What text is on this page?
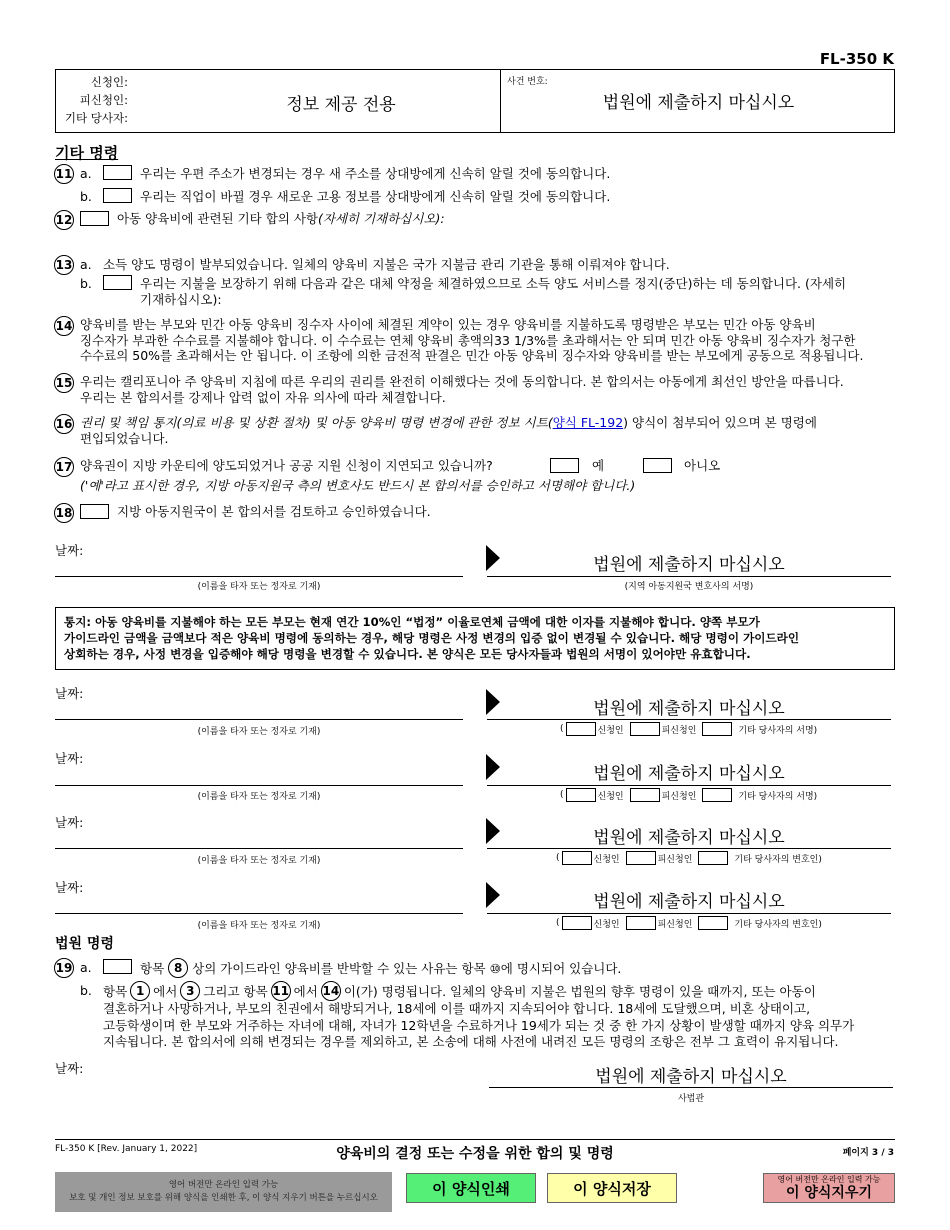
FL-350 K
신청인:
피신청인:
기타 당사자:
정보 제공 전용
사건 번호:
법원에 제출하지 마십시오
기타 명령
11 a.	우리는 우편 주소가 변경되는 경우 새 주소를 상대방에게 신속히 알릴 것에 동의합니다.
b.	우리는 직업이 바뀔 경우 새로운 고용 정보를 상대방에게 신속히 알릴 것에 동의합니다.
12	아동 양육비에 관련된 기타 합의 사항(자세히 기재하십시오):
13 a. 소득 양도 명령이 발부되었습니다. 일체의 양육비 지불은 국가 지불금 관리 기관을 통해 이뤄져야 합니다.
b.	우리는 지불을 보장하기 위해 다음과 같은 대체 약정을 체결하였으므로 소득 양도 서비스를 정지(중단)하는 데 동의합니다. (자세히
기재하십시오):
14 양육비를 받는 부모와 민간 아동 양육비 징수자 사이에 체결된 계약이 있는 경우 양육비를 지불하도록 명령받은 부모는 민간 아동 양육비
징수자가 부과한 수수료를 지불해야 합니다. 이 수수료는 연체 양육비 총액의33 1/3%를 초과해서는 안 되며 민간 아동 양육비 징수자가 청구한
수수료의 50%를 초과해서는 안 됩니다. 이 조항에 의한 금전적 판결은 민간 아동 양육비 징수자와 양육비를 받는 부모에게 공동으로 적용됩니다.
15 우리는 캘리포니아 주 양육비 지침에 따른 우리의 권리를 완전히 이해했다는 것에 동의합니다. 본 합의서는 아동에게 최선인 방안을 따릅니다.
우리는 본 합의서를 강제나 압력 없이 자유 의사에 따라 체결합니다.
16 권리 및 책임 통지(의료 비용 및 상환 절차) 및 아동 양육비 명령 변경에 관한 정보 시트(양식 FL-192) 양식이 첨부되어 있으며 본 명령에
편입되었습니다.
17 양육권이 지방 카운티에 양도되었거나 공공 지원 신청이 지연되고 있습니까?	예	아니오
('예'라고 표시한 경우, 지방 아동지원국 측의 변호사도 반드시 본 합의서를 승인하고 서명해야 합니다.)
18	지방 아동지원국이 본 합의서를 검토하고 승인하였습니다.
날짜:
(이름을 타자 또는 정자로 기재)
법원에 제출하지 마십시오
(지역 아동지원국 변호사의 서명)
통지: 아동 양육비를 지불해야 하는 모든 부모는 현재 연간 10%인 “법정” 이율로연체 금액에 대한 이자를 지불해야 합니다. 양쪽 부모가
가이드라인 금액을 금액보다 적은 양육비 명령에 동의하는 경우, 해당 명령은 사정 변경의 입증 없이 변경될 수 있습니다. 해당 명령이 가이드라인
상회하는 경우, 사정 변경을 입증해야 해당 명령을 변경할 수 있습니다. 본 양식은 모든 당사자들과 법원의 서명이 있어야만 유효합니다.
날짜:
(이름을 타자 또는 정자로 기재)
법원에 제출하지 마십시오
(	신청인	피신청인	기타 당사자의 서명)
날짜:
(이름을 타자 또는 정자로 기재)
법원에 제출하지 마십시오
(	신청인	피신청인	기타 당사자의 서명)
날짜:
(이름을 타자 또는 정자로 기재)
법원에 제출하지 마십시오
(	신청인	피신청인	기타 당사자의 변호인)
날짜:
(이름을 타자 또는 정자로 기재)
법원에 제출하지 마십시오
(	신청인	피신청인	기타 당사자의 변호인)
법원 명령
19 a.	항목 8 상의 가이드라인 양육비를 반박할 수 있는 사유는 항목 ⑩에 명시되어 있습니다.
b. 항목 1 에서 3 그리고 항목 11 에서 14 이(가) 명령됩니다. 일체의 양육비 지불은 법원의 향후 명령이 있을 때까지, 또는 아동이
결혼하거나 사망하거나, 부모의 친권에서 해방되거나, 18세에 이를 때까지 지속되어야 합니다. 18세에 도달했으며, 비혼 상태이고,
고등학생이며 한 부모와 거주하는 자녀에 대해, 자녀가 12학년을 수료하거나 19세가 되는 것 중 한 가지 상황이 발생할 때까지 양육 의무가
지속됩니다. 본 합의서에 의해 변경되는 경우를 제외하고, 본 소송에 대해 사전에 내려진 모든 명령의 조항은 전부 그 효력이 유지됩니다.
날짜:	법원에 제출하지 마십시오
사법관
FL-350 K [Rev. January 1, 2022]	양육비의 결정 또는 수정을 위한 합의 및 명령	페이지 3 / 3
영어 버전만 온라인 입력 가능
보호 및 개인 정보 보호를 위해 양식을 인쇄한 후, 이 양식 지우기 버튼을 누르십시오
이 양식인쇄	이 양식저장	영어 버전만 온라인 입력 가능
이 양식지우기
